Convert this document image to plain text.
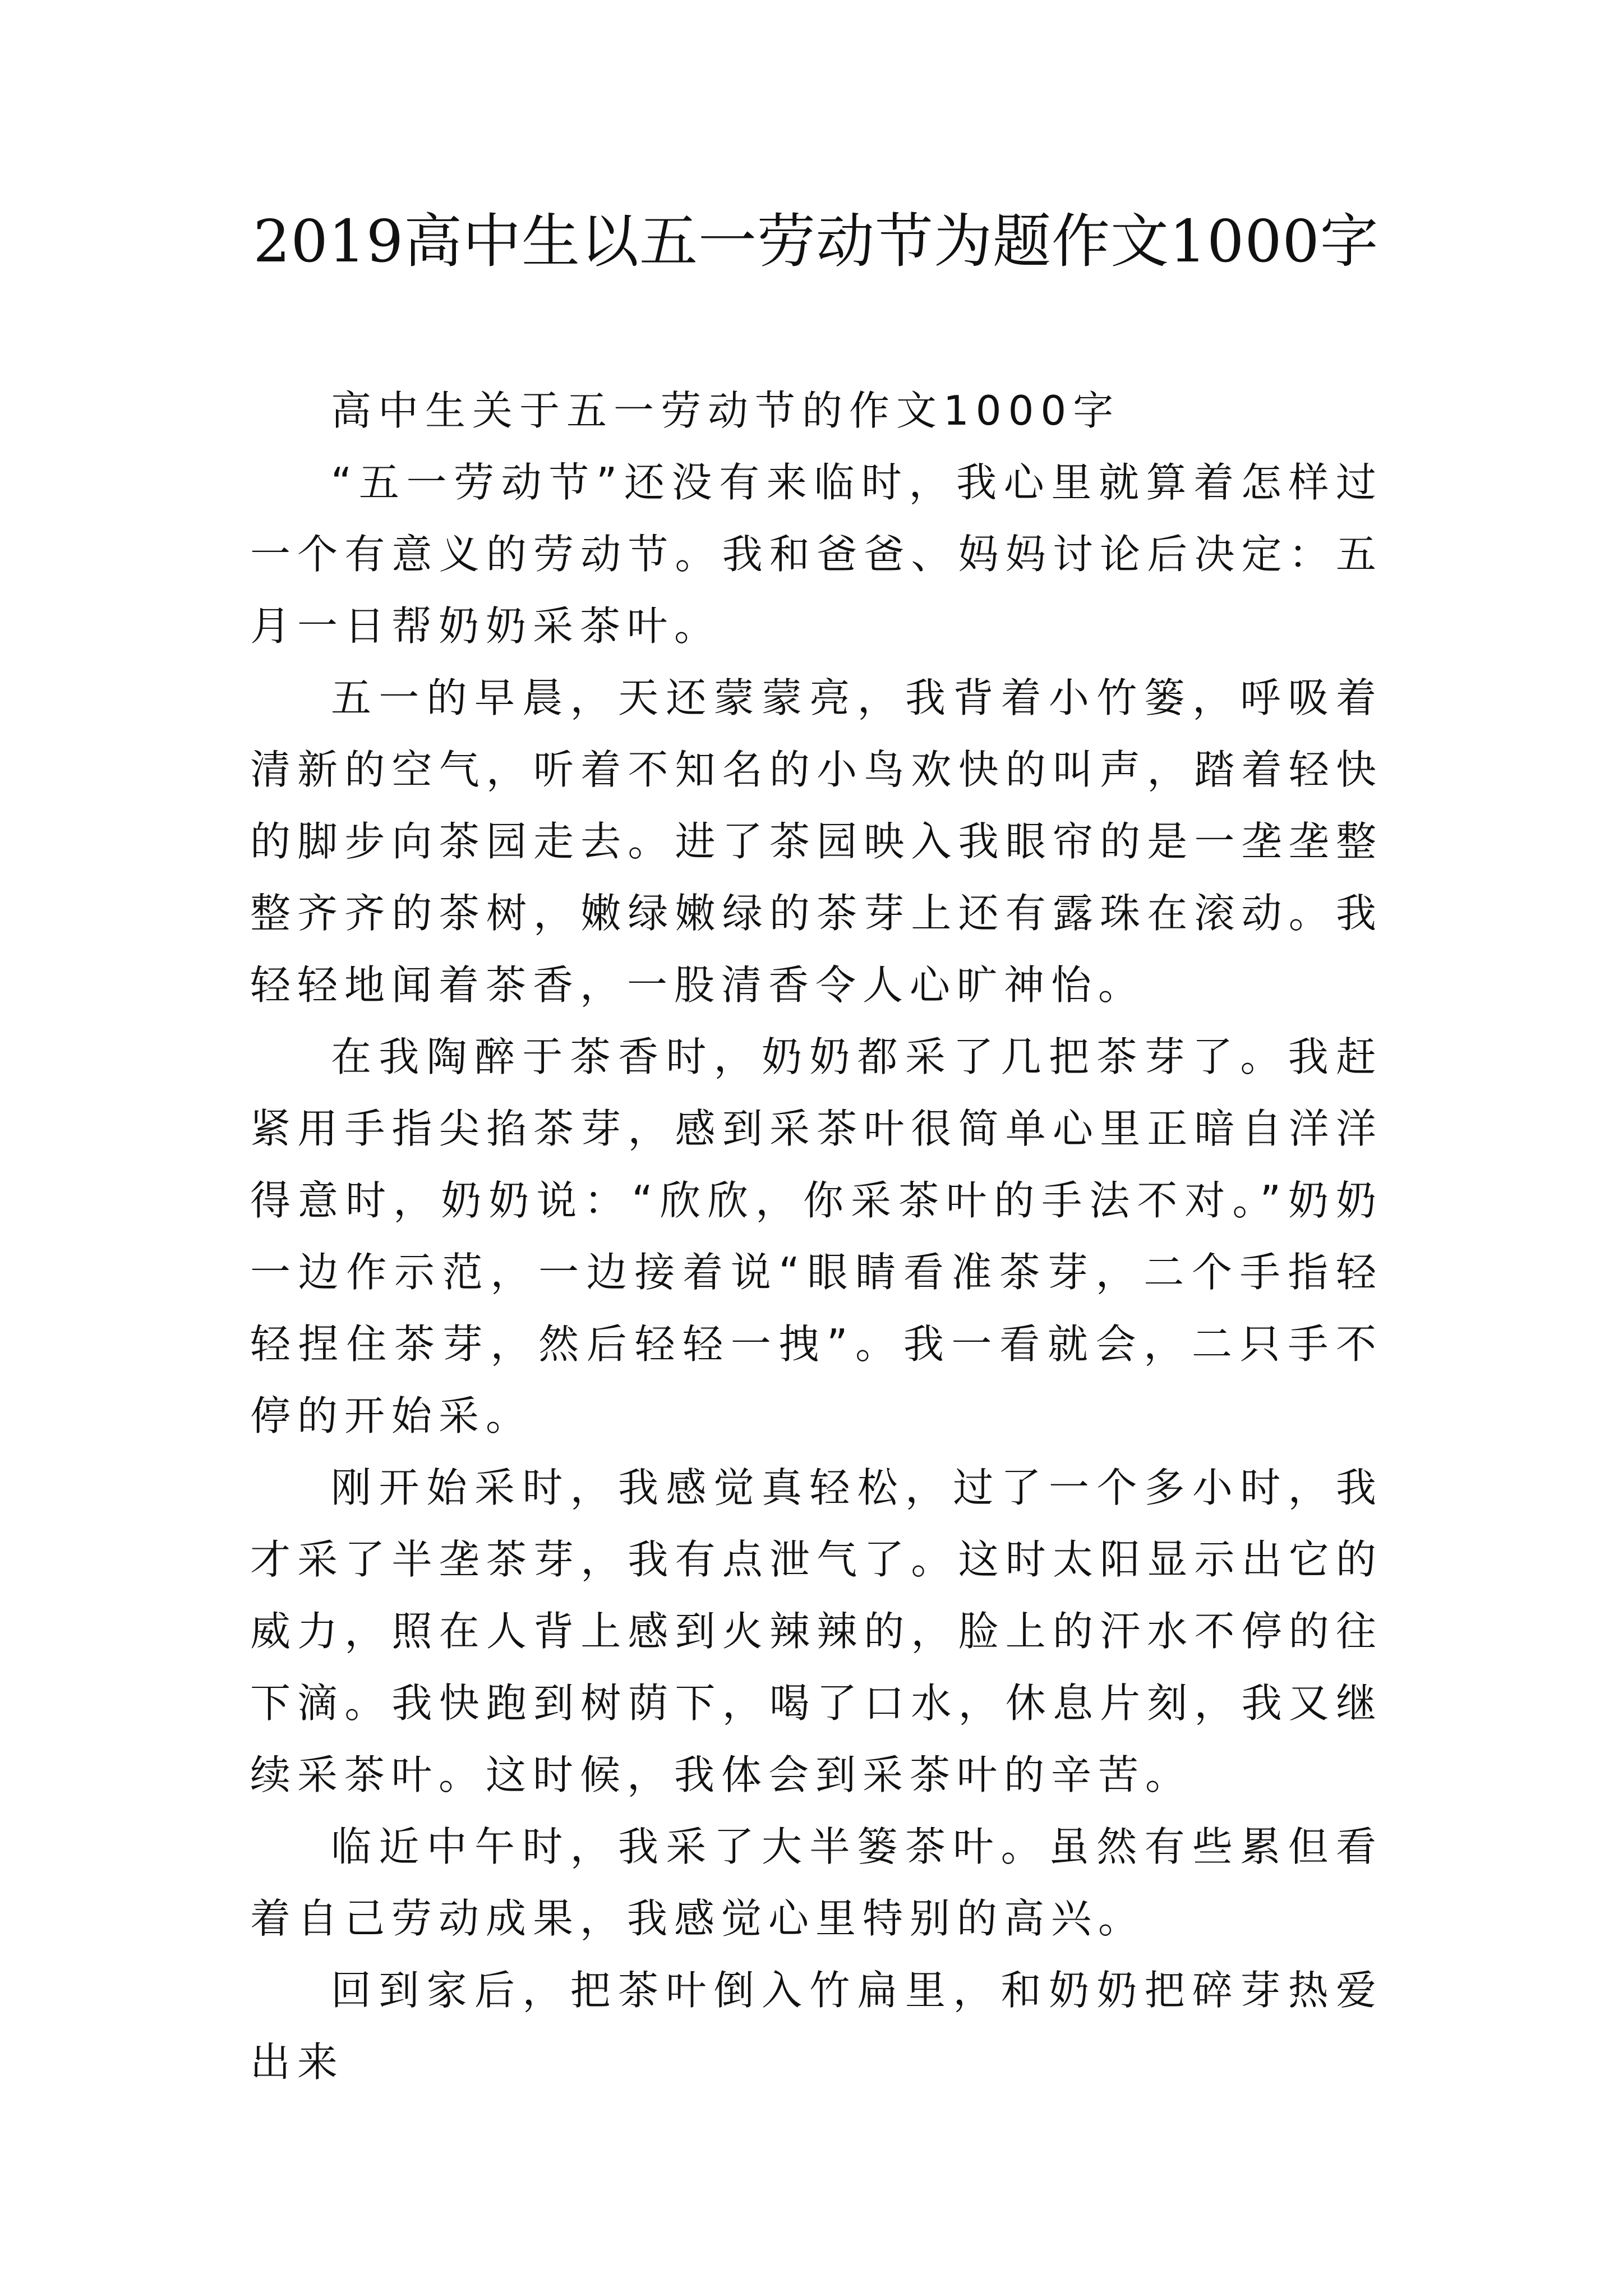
2019高中生以五一劳动节为题作文1000字

高中生关于五一劳动节的作文1000字

“五一劳动节”还没有来临时，我心里就算着怎样过一个有意义的劳动节。我和爸爸、妈妈讨论后决定：五月一日帮奶奶采茶叶。

五一的早晨，天还蒙蒙亮，我背着小竹篓，呼吸着清新的空气，听着不知名的小鸟欢快的叫声，踏着轻快的脚步向茶园走去。进了茶园映入我眼帘的是一垄垄整整齐齐的茶树，嫩绿嫩绿的茶芽上还有露珠在滚动。我轻轻地闻着茶香，一股清香令人心旷神怡。

在我陶醉于茶香时，奶奶都采了几把茶芽了。我赶紧用手指尖掐茶芽，感到采茶叶很简单心里正暗自洋洋得意时，奶奶说：“欣欣，你采茶叶的手法不对。”奶奶一边作示范，一边接着说“眼睛看准茶芽，二个手指轻轻捏住茶芽，然后轻轻一拽”。我一看就会，二只手不停的开始采。

刚开始采时，我感觉真轻松，过了一个多小时，我才采了半垄茶芽，我有点泄气了。这时太阳显示出它的威力，照在人背上感到火辣辣的，脸上的汗水不停的往下滴。我快跑到树荫下，喝了口水，休息片刻，我又继续采茶叶。这时候，我体会到采茶叶的辛苦。

临近中午时，我采了大半篓茶叶。虽然有些累但看着自己劳动成果，我感觉心里特别的高兴。

回到家后，把茶叶倒入竹扁里，和奶奶把碎芽热爱出来
